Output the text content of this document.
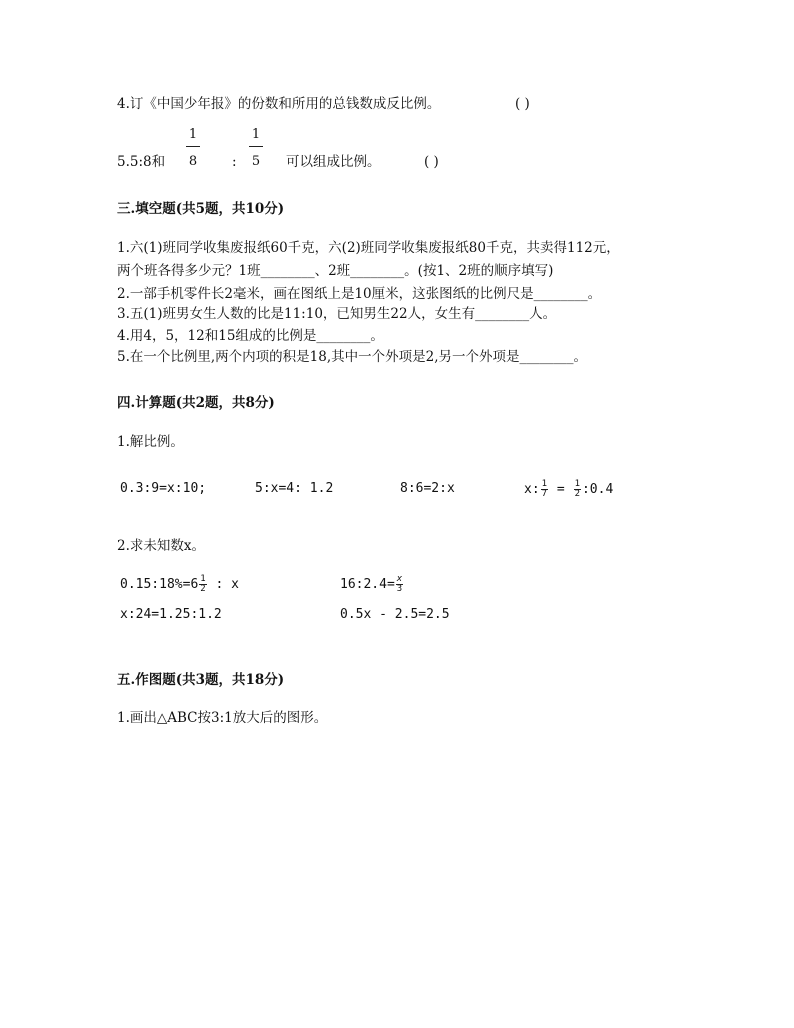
4.订《中国少年报》的份数和所用的总钱数成反比例。	( )
5.5:8和
1
8	:
1
5 可以组成比例。	( )
三.填空题(共5题，共10分)
1.六(1)班同学收集废报纸60千克，六(2)班同学收集废报纸80千克，共卖得112元，
两个班各得多少元？1班________、2班________。(按1、2班的顺序填写)
2.一部手机零件长2毫米，画在图纸上是10厘米，这张图纸的比例尺是________。
3.五(1)班男女生人数的比是11:10，已知男生22人，女生有________人。
4.用4，5，12和15组成的比例是________。
5.在一个比例里,两个内项的积是18,其中一个外项是2,另一个外项是________。
四.计算题(共2题，共8分)
1.解比例。
0.3:9=x:10;	5:x=4: 1.2	8:6=2:x	x: $\frac{1}{7} = \frac{1}{2}$ :0.4
2.求未知数x。
0.15:18%=6 $\frac{1}{2}$ : x	16:2.4= $\frac{x}{3}$
x:24=1.25:1.2	0.5x - 2.5=2.5
五.作图题(共3题，共18分)
1.画出△ABC按3:1放大后的图形。
